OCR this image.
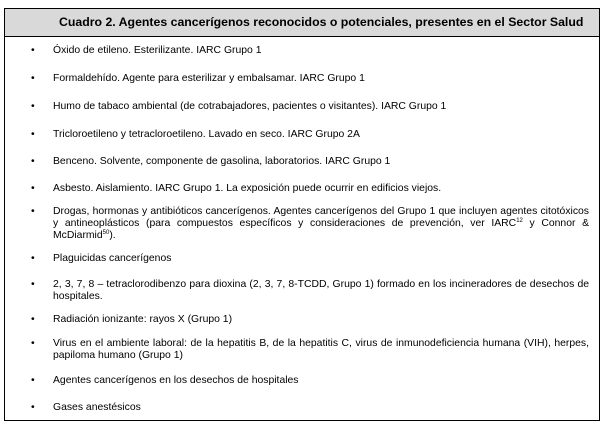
Cuadro 2. Agentes cancerígenos reconocidos o potenciales, presentes en el Sector Salud
• Óxido de etileno. Esterilizante. IARC Grupo 1
• Formaldehído. Agente para esterilizar y embalsamar. IARC Grupo 1
• Humo de tabaco ambiental (de cotrabajadores, pacientes o visitantes). IARC Grupo 1
• Tricloroetileno y tetracloroetileno. Lavado en seco. IARC Grupo 2A
• Benceno. Solvente, componente de gasolina, laboratorios. IARC Grupo 1
• Asbesto. Aislamiento. IARC Grupo 1. La exposición puede ocurrir en edificios viejos.
• Drogas, hormonas y antibióticos cancerígenos. Agentes cancerígenos del Grupo 1 que incluyen agentes citotóxicos y antineoplásticos (para compuestos específicos y consideraciones de prevención, ver IARC$^{12}$ y Connor & McDiarmid$^{50}$).
• Plaguicidas cancerígenos
• 2, 3, 7, 8 – tetraclorodibenzo para dioxina (2, 3, 7, 8-TCDD, Grupo 1) formado en los incineradores de desechos de hospitales.
• Radiación ionizante: rayos X (Grupo 1)
• Virus en el ambiente laboral: de la hepatitis B, de la hepatitis C, virus de inmunodeficiencia humana (VIH), herpes, papiloma humano (Grupo 1)
• Agentes cancerígenos en los desechos de hospitales
• Gases anestésicos
